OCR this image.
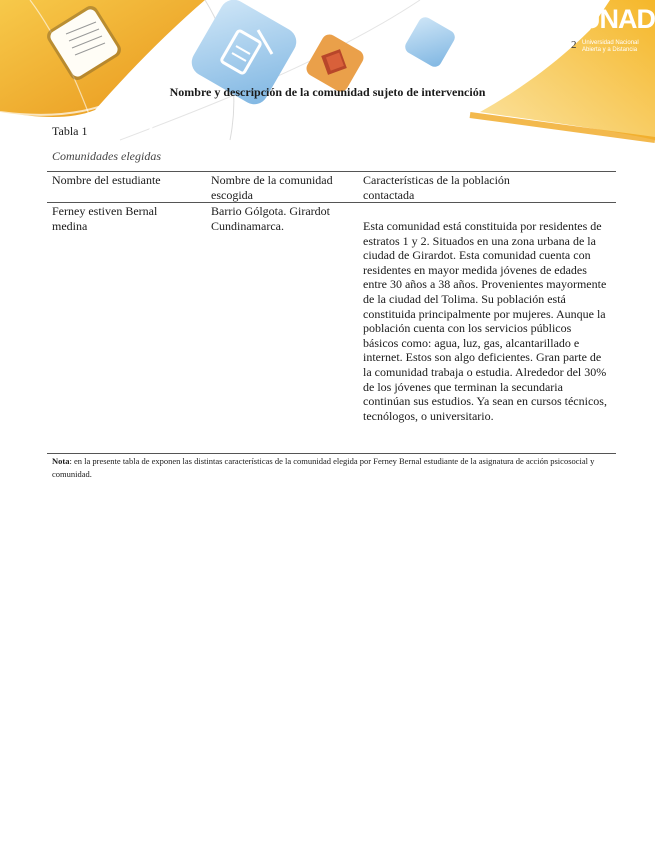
UNAD
Universidad Nacional Abierta y a Distancia
2
Nombre y descripción de la comunidad sujeto de intervención
Tabla 1
Comunidades elegidas
Nombre del estudiante	Nombre de la comunidad escogida
Características de la población contactada
Ferney estiven Bernal medina
Barrio Gólgota. Girardot Cundinamarca.	Esta comunidad está constituida por residentes de estratos 1 y 2. Situados en una zona urbana de la ciudad de Girardot. Esta comunidad cuenta con residentes en mayor medida jóvenes de edades entre 30 años a 38 años. Provenientes mayormente de la ciudad del Tolima. Su población está constituida principalmente por mujeres. Aunque la población cuenta con los servicios públicos básicos como: agua, luz, gas, alcantarillado e internet. Estos son algo deficientes. Gran parte de la comunidad trabaja o estudia. Alrededor del 30% de los jóvenes que terminan la secundaria continúan sus estudios. Ya sean en cursos técnicos, tecnólogos, o universitario.
Nota: en la presente tabla de exponen las distintas características de la comunidad elegida por Ferney Bernal estudiante de la asignatura de acción psicosocial y comunidad.
